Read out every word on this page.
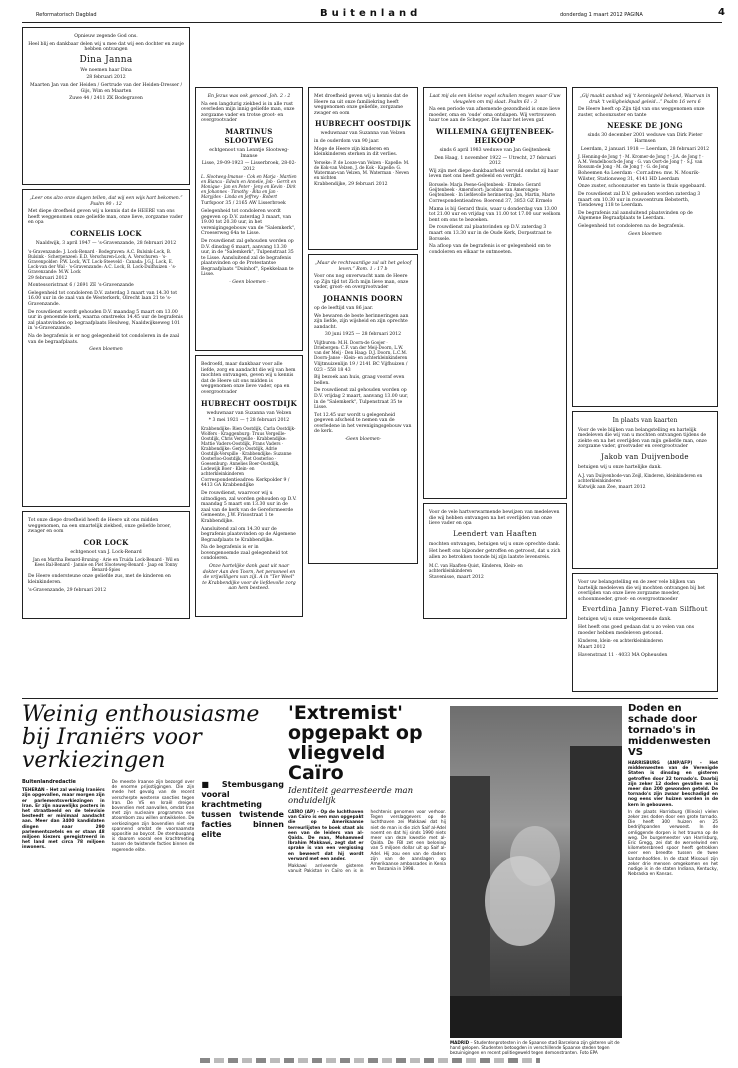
Reformatorisch Dagblad	Buitenland	donderdag 1 maart 2012 PAGINA	4

Opnieuw zegende God ons.

Heel blij en dankbaar delen wij u mee dat wij een dochter en zusje hebben ontvangen

Dina Janna

We noemen haar Dina

28 februari 2012

Maarten Jan van der Heiden / Gertrude van der Heiden-Dresser / Gijs, Wim en Maarten

Zuwe 44 / 2411 ZK Bodegraven

„Leer ons alzo onze dagen tellen, dat wij een wijs hart bekomen.” Psalm 90 : 12

Met diepe droefheid geven wij u kennis dat de HEERE van ons heeft weggenomen onze geliefde man, onze lieve, zorgzame vader en opa

CORNELIS LOCK

Naaldwijk, 3 april 1947 — 's-Gravenzande, 28 februari 2012

's-Gravenzande: J. Lock-Renard · Bodegraven: A.C. Bulsink-Lock, B. Bulsink · Scherpenzeel: E.D. Verschuren-Lock, A. Verschuren · 's-Gravenpolder: P.W. Lock, W.T. Lock-Steeveld · Canada: J.G.J. Lock, E. Lock-van der Wal · 's-Gravenzande: A.C. Lock, B. Lock-Duifhuizen · 's-Gravenzande: M.W. Lock

29 februari 2012

Montessoristraat 6 / 2691 ZE 's-Gravenzande

Gelegenheid tot condoleren D.V. zaterdag 3 maart van 14.30 tot 16.00 uur in de zaal van de Westerkerk, Olrecht laan 21 te 's-Gravenzande.

De rouwdienst wordt gehouden D.V. maandag 5 maart om 13.00 uur in genoemde kerk, waarna omstreeks 14.45 uur de begrafenis zal plaatsvinden op begraafplaats Heulweg, Naaldwijkseweg 101 in 's-Gravenzande.

Na de begrafenis is er nog gelegenheid tot condoleren in de zaal van de begraafplaats.

Geen bloemen

Tot onze diepe droefheid heeft de Heere uit ons midden weggenomen, na een smartelijk ziekbed, onze geliefde broer, zwager en oom

COR LOCK

echtgenoot van J. Lock-Renard

Jan en Martha Benard-Bruning · Arie en Truida Lock-Benard · Wil en Kees Bal-Benard · Jannie en Piet Slooteweg-Benard · Jaap en Tonny Benard-Spies

De Heere ondersteune onze geliefde zus, met de kinderen en kleinkinderen.

's-Gravenzande, 29 februari 2012

En Jezus was ook genood. Joh. 2 : 2

Na een langdurig ziekbed is in alle rust overleden mijn innig geliefde man, onze zorgzame vader en trotse groot- en overgrootvader

MARTINUS SLOOTWEG

echtgenoot van Lenntje Slootweg-Imanse

Lisse, 29-09-1923 — Lisserbroek, 28-02-2012

L. Slootweg-Imanse · Cok en Marja · Martien en Bianca · Edwin en Annelie, Job · Gerrit en Monique · Jan en Peter · Jeny en Kevin · Dirk en Johannes · Timothy · Bita en Jan · Maryjdes · Linda en Jeffrey · Robert

Turfspoor 35 / 2165 AW Lisserbroek

Gelegenheid tot condoleren wordt gegeven op D.V. zaterdag 3 maart, van 19.00 tot 20.30 uur, in het verenigingsgebouw van de "Salemkerk", Croeserweg 64a te Lisse.

De rouwdienst zal gehouden worden op D.V. dinsdag 6 maart, aanvang 13.30 uur, in de "Salemkerk", Tulpenstraat 35 te Lisse. Aansluitend zal de begrafenis plaatsvinden op de Protestantse Begraafplaats "Duinhof", Spekkelaan te Lisse.

- Geen bloemen -

Bedroefd, maar dankbaar voor alle liefde, zorg en aandacht die wij van hem mochten ontvangen, geven wij u kennis dat de Heere uit ons midden is weggenomen onze lieve vader, opa en overgrootvader

HUBRECHT OOSTDIJK

weduwnaar van Suzanna van Velzen

* 3 mei 1921 — † 28 februari 2012

Krabbendijke: Rien Oostdijk, Carla Oostdijk-Wolfers · Kraggenburg: Truus Vergeille-Oostdijk, Chris Vergeille · Krabbendijke: Mattie Vaders-Oostdijk, Frans Vaders · Krabbendijke: Gerjo Oostdijk, Adrie Oostdijk-Verspille · Krabbendijke: Suzanne Oosterloo-Oostdijk, Piet Oosterloo · Goesenburg: Annelies Boer-Oostdijk, Lodewijk Boer · Klein- en achterkleinkinderen

Correspondentieadres: Kerkpolder 9 / 4413 GA Krabbendijke

De rouwdienst, waarvoor wij u uitnodigen, zal worden gehouden op D.V. maandag 5 maart om 13.30 uur in de zaal van de kerk van de Gereformeerde Gemeente, J.W. Frisostraat 1 te Krabbendijke.

Aansluitend zal om 14.30 uur de begrafenis plaatsvinden op de Algemene Begraafplaats te Krabbendijke.

Na de begrafenis is er in bovengenoemde zaal gelegenheid tot condoleren.

Onze hartelijke dank gaat uit naar dokter Aan den Toorn, het personeel en de vrijwilligers van zijl. A in "Ter Weel" te Krabbendijke voor de liefdevolle zorg aan hem besteed.

Met droefheid geven wij u kennis dat de Heere na uit onze familiekring heeft weggenomen onze geliefde, zorgzame zwager en oom

HUBRECHT OOSTDIJK

weduwnaar van Suzanna van Velzen

in de ouderdom van 90 jaar.

Moge de Heere zijn kinderen en kleinkinderen sterken in dit verlies.

Yerseke: P. de Looze-van Velzen · Kapelle: M. de Kok-van Velzen, J. de Kok · Kapelle: G. Waterman-van Velzen, M. Waterman · Neven en nichten

Krabbendijke, 29 februari 2012

„Maar de rechtvaardige zal uit het geloof leven.” Rom. 1 : 17 b

Voor ons nog onverwacht nam de Heere op Zijn tijd tot Zich mijn lieve man, onze vader, groot- en overgrootvader

JOHANNIS DOORN

op de leeftijd van 86 jaar.

We bewaren de beste herinneringen aan zijn liefde, zijn wijsheid en zijn oprechte aandacht.

30 juni 1925 — 28 februari 2012

Vlijtburen: M.H. Doorn-de Goojer · Driebergen: C.F. van der Meij-Doorn, L.W. van der Meij · Den Haag: D.J. Doorn, L.C.M. Doorn-Janse · Klein- en achterkleinkinderen

Vlijtmuizenlijn 19 / 2141 BC Vijfhuizen / 023 - 558 18 43

Bij bezoek aan huis, graag vooraf even bellen.

De rouwdienst zal gehouden worden op D.V. vrijdag 2 maart, aanvang 13.00 uur, in de "Salemkerk", Tulpenstraat 35 te Lisse.

Tot 12.45 uur wordt u gelegenheid gegeven afscheid te nemen van de overledene in het verenigingsgebouw van de kerk.

-Geen bloemen-

Laat mij als een kleine vogel schuilen mogen waar G'uw vleugelen om mij slaat. Psalm 61 : 3

Na een periode van afnemende gezondheid is onze lieve moeder, oma en 'oude' oma ontslapen. Wij vertrouwen haar toe aan de Schepper. Die haar het leven gaf.

WILLEMINA GEIJTENBEEK-HEIKOOP

sinds 6 april 1983 weduwe van Jan Geijtenbeek

Den Haag, 1 november 1922 — Utrecht, 27 februari 2012

Wij zijn met diepe dankbaarheid vervuld omdat zij haar leven met ons heeft gedeeld en verrijkt.

Borssele: Marja Peene-Geijtenbeek · Ermelo: Gerard Geijtenbeek · Amersfoort: Jacobine van Amerongen-Geijtenbeek · In liefdevolle herinnering: Jan, Martin, Marte

Correspondentieadres: Boerend 37, 3853 GZ Ermelo

Mama is bij Gerard thuis, waar u donderdag van 13.00 tot 21.00 uur en vrijdag van 11.00 tot 17.00 uur welkom bent om ons te bezoeken.

De rouwdienst zal plaatsvinden op D.V. zaterdag 3 maart om 13.30 uur in de Oude Kerk, Dorpsstraat te Borssele.

Na afloop van de begrafenis is er gelegenheid om te condoleren en elkaar te ontmoeten.

Voor de vele hartverwarmende bewijzen van medeleven die wij hebben ontvangen na het overlijden van onze lieve vader en opa

Leendert van Haaften

mochten ontvangen, betuigen wij u onze oprechte dank.

Het heeft ons bijzonder getroffen en getroost, dat u zich allen zo betrokken toonde bij zijn laatste levensreis.

M.C. van Haaften-Quist, Kinderen, Klein- en achterkleinkinderen

Stavenisse, maart 2012

„Gij maakt aanbad wij 't kennisgeld bekend, Waarvan in druk 't veiligheidspad geleid...” Psalm 16 vers 6

De Heere heeft op Zijn tijd van ons weggenomen onze zuster, schoonzuster en tante

NEESKE DE JONG

sinds 30 december 2001 weduwe van Dirk Pieter Harmsen

Leerdam, 2 januari 1918 — Leerdam, 28 februari 2012

J. Henning-de Jong † · M. Kromer-de Jong † · J.A. de Jong † · A.M. Vendelbosch-de Jong · G. van Oort-de Jong † · S.J. van Rossum-de Jong · M. de Jong † · G. de Jong

Boheemen 4a Leerdam · Corr.adres: mw. N. Mourik-Wilster, Stationsweg 31, 4141 HD Leerdam

Onze zuster, schoonzuster en tante is thuis opgebaard.

De rouwdienst zal D.V. gehouden worden zaterdag 3 maart om 10.30 uur in rouwcentrum Bebsterth, Tiendeweg 118 te Leerdam.

De begrafenis zal aansluitend plaatsvinden op de Algemene Begraafplaats te Leerdam.

Gelegenheid tot condoleren na de begrafenis.

Geen bloemen

In plaats van kaarten

Voor de vele blijken van belangstelling en hartelijk medeleven die wij van u mochten ontvangen tijdens de ziekte en na het overlijden van mijn geliefde man, onze zorgzame vader, grootvader en overgrootvader

Jakob van Duijvenbode

betuigen wij u onze hartelijke dank.

A.J. van Duijvenbode-van Zeijl, Kinderen, kleinkinderen en achterkleinkinderen

Katwijk aan Zee, maart 2012

Voor uw belangstelling en de zeer vele blijken van hartelijk medeleven die wij mochten ontvangen bij het overlijden van onze lieve zorgzame moeder, schoonmoeder, groot- en overgrootmoeder

Evertdina Janny Fieret-van Silfhout

betuigen wij u onze welgemeende dank.

Het heeft ons goed gedaan dat u zo velen van ons moeder hebben medeleven getoond.

Kinderen, klein- en achterkleinkinderen

Maart 2012

Havenstraat 11 · 4033 MA Opheusden

Weinig enthousiasme bij Iraniërs voor verkiezingen
Buitenlandredactie

TEHERAN – Het zal weinig Iraniërs zijn opgevallen, maar morgen zijn er parlementsverkiezingen in Iran. Er zijn nauwelijks posters in het straatbeeld en de televisie besteedt er minimaal aandacht aan. Meer dan 3400 kandidaten dingen naar 290 parlementszetels en er staan 48 miljoen kiezers geregistreerd in het land met circa 78 miljoen inwoners.

De meeste Iraanse zijn bezorgd over de enorme prijsstijgingen. Die zijn mede het gevolg van de recent verscherpte westerse sancties tegen Iran. De VS en Israël dreigen bovendien met aanvallen, omdat Iran met zijn nucleaire programma een atoombom zou willen ontwikkelen. De verkiezingen zijn bovendien niet erg spannend omdat de voornaamste oppositie ao boycot. De stembusgang is daarom vooral een krachtmeting tussen de twistende facties binnen de regerende elite.

■ Stembusgang vooral krachtmeting tussen twistende facties binnen elite
'Extremist' opgepakt op vliegveld Caïro
Identiteit gearresteerde man onduidelijk

CAÏRO (AP) – Op de luchthaven van Caïro is een man opgepakt die op Amerikaanse terreurlijsten te boek staat als een van de leiders van al-Qaida. De man, Mohammed Ibrahim Makkawi, zegt dat er sprake is van een vergissing en beweert dat hij wordt verward met een ander.

Makkawi arriveerde gisteren vanuit Pakistan in Caïro en is in hechtenis genomen voor verhoor. Tegen verslaggevers op de luchthaven zei Makkawi dat hij niet de man is die zich Saif al-Adel noemt en dat hij sinds 1990 niets meer van deze kwestie met al-Qaida. De FBI zet een beloning van 5 miljoen dollar uit op Saif al-Adel. Hij zou een van de daders zijn van de aanslagen op Amerikaanse ambassades in Kenia en Tanzania in 1998.

MADRID – Studentenprotesten in de Spaanse stad Barcelona zijn gisteren uit de hand gelopen. Studenten betoogden in verschillende Spaanse steden tegen bezuinigingen en recent politiegeweld tegen demonstranten. Foto EPA
Doden en schade door tornado's in middenwesten VS

HARRISBURG (ANP/AFP) – Het middenwesten van de Verenigde Staten is dinsdag en gisteren getroffen door 22 tornado's. Daarbij zijn zeker 12 doden gevallen en is meer dan 200 gewonden geteld. De tornado's zijn zwaar beschadigd en nog eens vier huizen worden in de kern in gebouwen.

In de plaats Harrisburg (Illinois) vielen zeker zes doden door een grote tornado. Die heeft 300 huizen en 25 bedrijfspanden verwoest. In de omliggende dorpen is het trauma op de weg. De burgemeester van Harrisburg, Eric Gregg, zei dat de wervelwind een kilometersbreed spoor heeft getrokken over een breedte tussen de twee kantonhoofden. In de staat Missouri zijn zeker drie mensen omgekomen en het nodige is in de staten Indiana, Kentucky, Nebraska en Kansas.
